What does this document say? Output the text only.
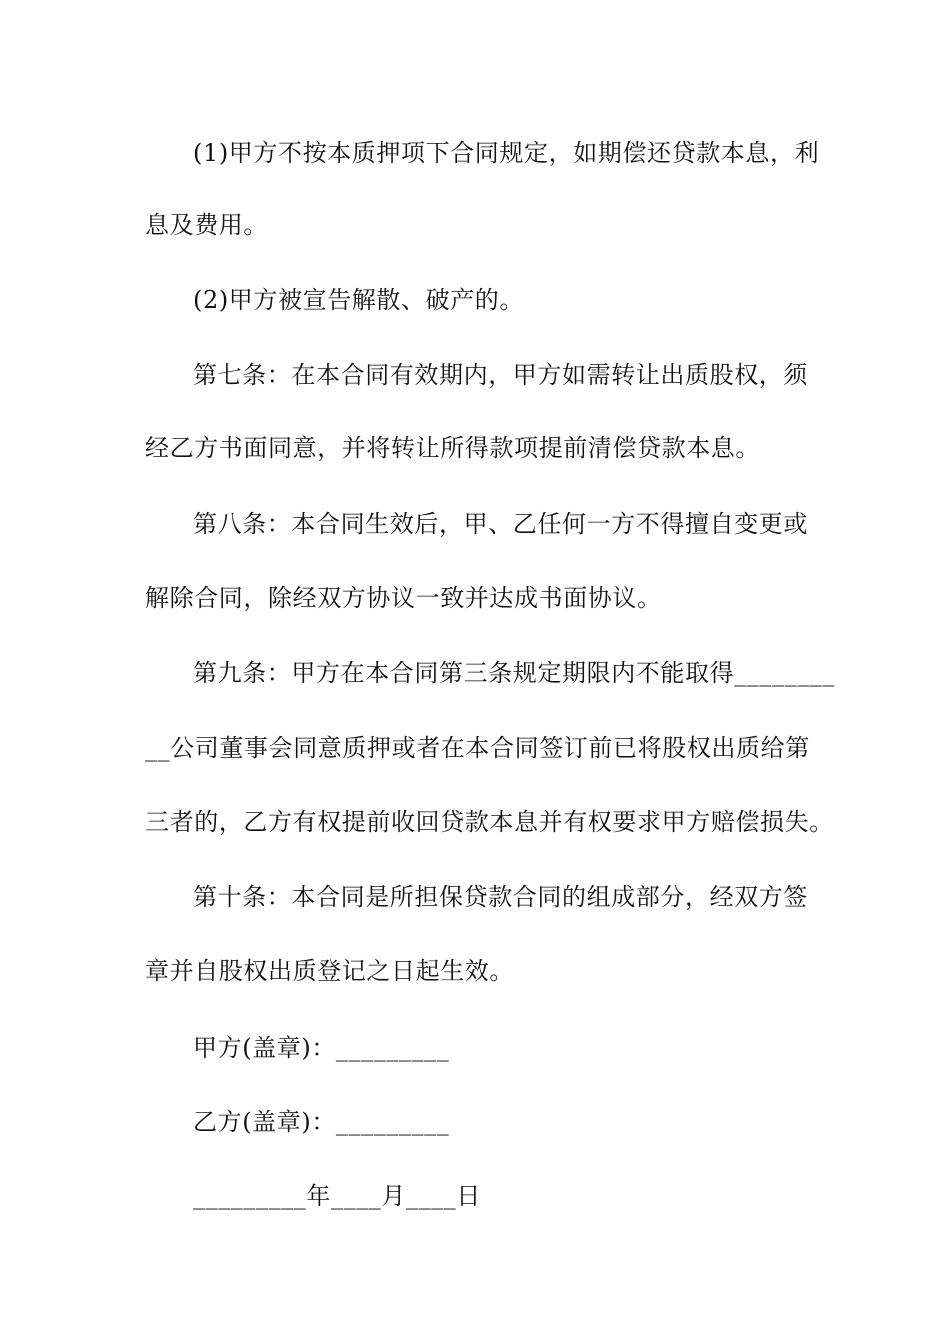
(1)甲方不按本质押项下合同规定，如期偿还贷款本息，利
息及费用。
(2)甲方被宣告解散、破产的。
第七条：在本合同有效期内，甲方如需转让出质股权，须
经乙方书面同意，并将转让所得款项提前清偿贷款本息。
第八条：本合同生效后，甲、乙任何一方不得擅自变更或
解除合同，除经双方协议一致并达成书面协议。
第九条：甲方在本合同第三条规定期限内不能取得________
__公司董事会同意质押或者在本合同签订前已将股权出质给第
三者的，乙方有权提前收回贷款本息并有权要求甲方赔偿损失。
第十条：本合同是所担保贷款合同的组成部分，经双方签
章并自股权出质登记之日起生效。
甲方(盖章)：_________
乙方(盖章)：_________
_________年____月____日
